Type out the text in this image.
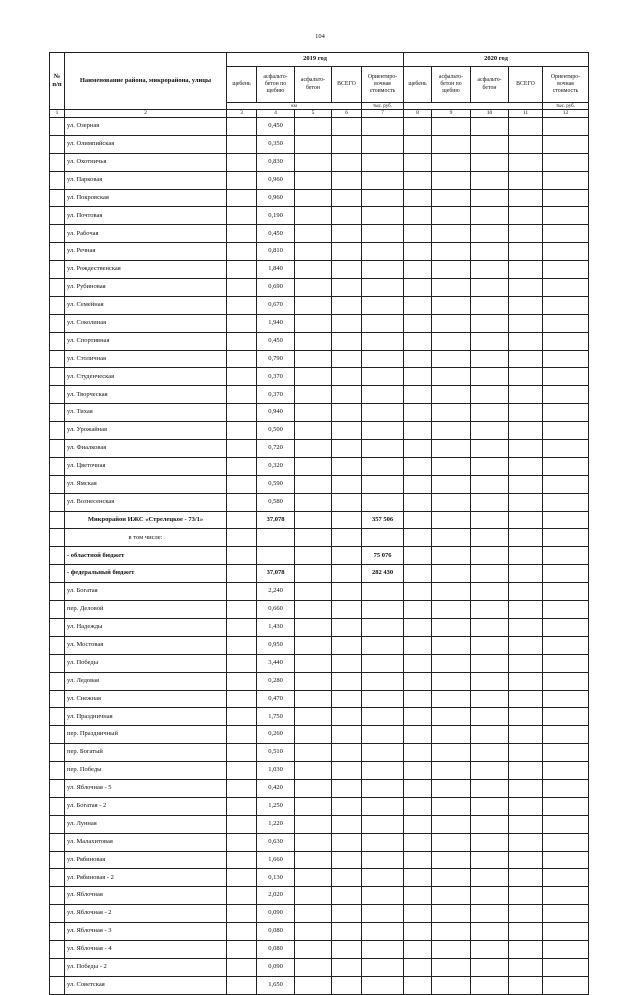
104
№ п/п	Наименование района, микрорайона, улицы	2019 год					2020 год				
		щебень	асфальто-бетон по щебню	асфальто-бетон	ВСЕГО	Ориентиро-вочная стоимость	щебень	асфальто-бетон по щебню	асфальто-бетон	ВСЕГО	Ориентиро-вочная стоимость
		км				тыс. руб.					тыс. руб.
1	2	3	4	5	6	7	8	9	10	11	12
	ул. Озерная		0,450								
	ул. Олимпийская		0,350								
	ул. Охотничья		0,830								
	ул. Парковая		0,960								
	ул. Покровская		0,960								
	ул. Почтовая		0,190								
	ул. Рабочая		0,450								
	ул. Речная		0,810								
	ул. Рождественская		1,840								
	ул. Рубиновая		0,690								
	ул. Семейная		0,670								
	ул. Соколиная		1,940								
	ул. Спортивная		0,450								
	ул. Столичная		0,790								
	ул. Студенческая		0,370								
	ул. Творческая		0,370								
	ул. Тихая		0,940								
	ул. Урожайная		0,500								
	ул. Фиалковая		0,720								
	ул. Цветочная		0,320								
	ул. Ямская		0,590								
	ул. Вознесенская		0,580								
	Микрорайон ИЖС «Стрелецкое - 73/1»		37,078			357 506					
	в том числе:										
	- областной бюджет					75 076					
	- федеральный бюджет		37,078			282 430					
	ул. Богатая		2,240								
	пер. Деловой		0,660								
	ул. Надежды		1,430								
	ул. Мостовая		0,950								
	ул. Победы		3,440								
	ул. Ледовая		0,280								
	ул. Снежная		0,470								
	ул. Праздничная		1,750								
	пер. Праздничный		0,260								
	пер. Богатый		0,510								
	пер. Победы		1,030								
	ул. Яблочная - 5		0,420								
	ул. Богатая - 2		1,250								
	ул. Лунная		1,220								
	ул. Малахитовая		0,630								
	ул. Рябиновая		1,660								
	ул. Рябиновая - 2		0,130								
	ул. Яблочная		2,020								
	ул. Яблочная - 2		0,090								
	ул. Яблочная - 3		0,080								
	ул. Яблочная - 4		0,080								
	ул. Победы - 2		0,090								
	ул. Советская		1,650								
